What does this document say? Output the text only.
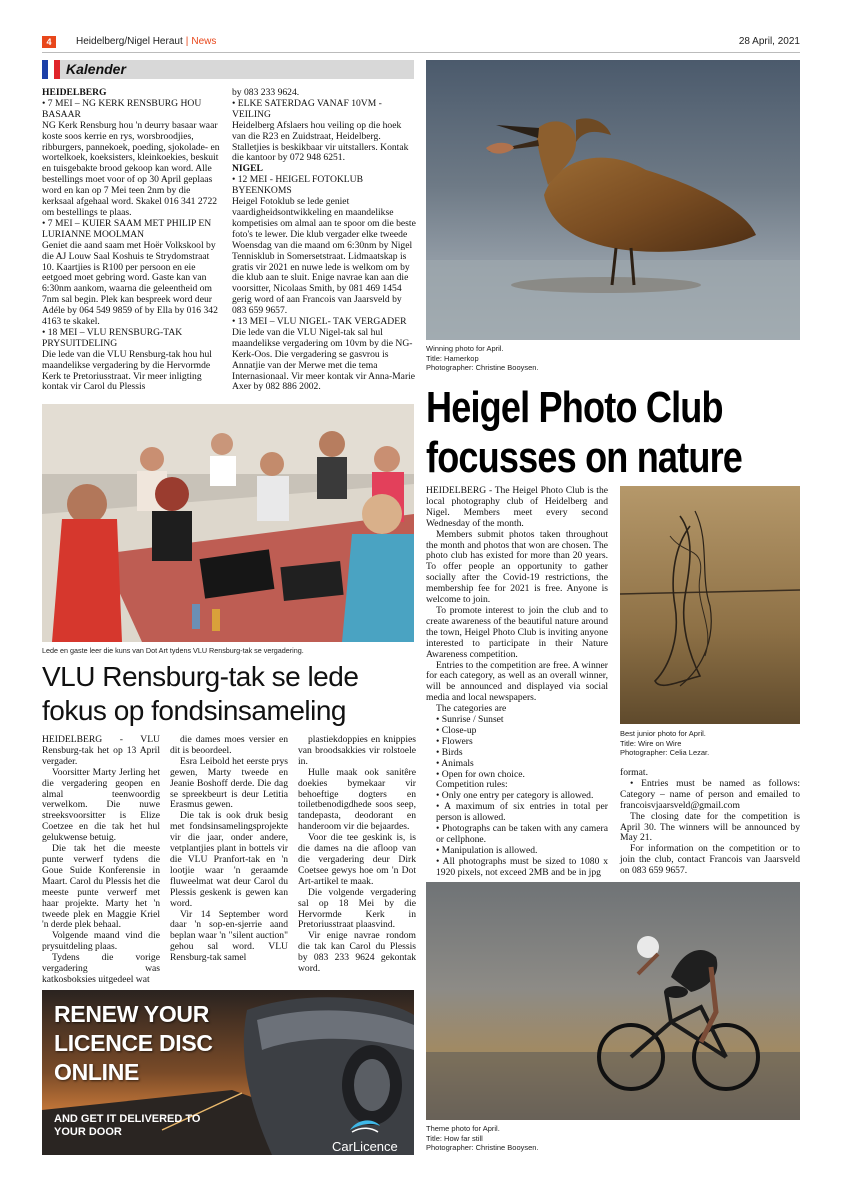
4	Heidelberg/Nigel Heraut | News	28 April, 2021
Kalender

HEIDELBERG

• 7 MEI – NG KERK RENSBURG HOU BASAAR

NG Kerk Rensburg hou 'n deurry basaar waar koste soos kerrie en rys, worsbroodjies, ribburgers, pannekoek, poeding, sjokolade- en wortelkoek, koeksisters, kleinkoekies, beskuit en tuisgebakte brood gekoop kan word. Alle bestellings moet voor of op 30 April geplaas word en kan op 7 Mei teen 2nm by die kerksaal afgehaal word. Skakel 016 341 2722 om bestellings te plaas.

• 7 MEI – KUIER SAAM MET PHILIP EN LURIANNE MOOLMAN

Geniet die aand saam met Hoër Volkskool by die AJ Louw Saal Koshuis te Strydomstraat 10. Kaartjies is R100 per persoon en eie eetgoed moet gebring word. Gaste kan van 6:30nm aankom, waarna die geleentheid om 7nm sal begin. Plek kan bespreek word deur Adéle by 064 549 9859 of by Ella by 016 342 4163 te skakel.

• 18 MEI – VLU RENSBURG-TAK PRYSUITDELING

Die lede van die VLU Rensburg-tak hou hul maandelikse vergadering by die Hervormde Kerk te Pretoriusstraat. Vir meer inligting kontak vir Carol du Plessis

by 083 233 9624.

• ELKE SATERDAG VANAF 10VM - VEILING

Heidelberg Afslaers hou veiling op die hoek van die R23 en Zuidstraat, Heidelberg. Stalletjies is beskikbaar vir uitstallers. Kontak die kantoor by 072 948 6251.

NIGEL

• 12 MEI - HEIGEL FOTOKLUB BYEENKOMS

Heigel Fotoklub se lede geniet vaardigheidsontwikkeling en maandelikse kompetisies om almal aan te spoor om die beste foto's te lewer. Die klub vergader elke tweede Woensdag van die maand om 6:30nm by Nigel Tennisklub in Somersetstraat. Lidmaatskap is gratis vir 2021 en nuwe lede is welkom om by die klub aan te sluit. Enige navrae kan aan die voorsitter, Nicolaas Smith, by 081 469 1454 gerig word of aan Francois van Jaarsveld by 083 659 9657.

• 13 MEI – VLU NIGEL- TAK VERGADER

Die lede van die VLU Nigel-tak sal hul maandelikse vergadering om 10vm by die NG-Kerk-Oos. Die vergadering se gasvrou is Annatjie van der Merwe met die tema Internasionaal. Vir meer kontak vir Anna-Marie Axer by 082 886 2002.

Winning photo for April.
Title: Hamerkop
Photographer: Christine Booysen.
Heigel Photo Club
focusses on nature
Lede en gaste leer die kuns van Dot Art tydens VLU Rensburg-tak se vergadering.
VLU Rensburg-tak se lede
fokus op fondsinsameling

HEIDELBERG - VLU Rensburg-tak het op 13 April vergader.

Voorsitter Marty Jerling het die vergadering geopen en almal teenwoordig verwelkom. Die nuwe streeksvoorsitter is Elize Coetzee en die tak het hul gelukwense betuig.

Die tak het die meeste punte verwerf tydens die Goue Suide Konferensie in Maart. Carol du Plessis het die meeste punte verwerf met haar projekte. Marty het 'n tweede plek en Maggie Kriel 'n derde plek behaal.

Volgende maand vind die prysuitdeling plaas.

Tydens die vorige vergadering was katkosboksies uitgedeel wat

die dames moes versier en dit is beoordeel.

Esra Leibold het eerste prys gewen, Marty tweede en Jeanie Boshoff derde. Die dag se spreekbeurt is deur Letitia Erasmus gewen.

Die tak is ook druk besig met fondsinsamelingsprojekte vir die jaar, onder andere, vetplantjies plant in bottels vir die VLU Pranfort-tak en 'n lootjie waar 'n geraamde fluweelmat wat deur Carol du Plessis geskenk is gewen kan word.

Vir 14 September word daar 'n sop-en-sjerrie aand beplan waar 'n "silent auction" gehou sal word. VLU Rensburg-tak samel

plastiekdoppies en knippies van broodsakkies vir rolstoele in.

Hulle maak ook sanitêre doekies bymekaar vir behoeftige dogters en toiletbenodigdhede soos seep, tandepasta, deodorant en handeroom vir die bejaardes.

Voor die tee geskink is, is die dames na die afloop van die vergadering deur Dirk Coetsee gewys hoe om 'n Dot Art-artikel te maak.

Die volgende vergadering sal op 18 Mei by die Hervormde Kerk in Pretoriusstraat plaasvind.

Vir enige navrae rondom die tak kan Carol du Plessis by 083 233 9624 gekontak word.

HEIDELBERG - The Heigel Photo Club is the local photography club of Heidelberg and Nigel. Members meet every second Wednesday of the month.

Members submit photos taken throughout the month and photos that won are chosen. The photo club has existed for more than 20 years. To offer people an opportunity to gather socially after the Covid-19 restrictions, the membership fee for 2021 is free. Anyone is welcome to join.

To promote interest to join the club and to create awareness of the beautiful nature around the town, Heigel Photo Club is inviting anyone interested to participate in their Nature Awareness competition.

Entries to the competition are free. A winner for each category, as well as an overall winner, will be announced and displayed via social media and local newspapers.

The categories are

• Sunrise / Sunset
• Close-up
• Flowers
• Birds
• Animals
• Open for own choice.

Competition rules:

• Only one entry per category is allowed.
• A maximum of six entries in total per person is allowed.
• Photographs can be taken with any camera or cellphone.
• Manipulation is allowed.
• All photographs must be sized to 1080 x 1920 pixels, not exceed 2MB and be in jpg
Best junior photo for April.
Title: Wire on Wire
Photographer: Celia Lezar.

format.

• Entries must be named as follows: Category – name of person and emailed to francoisvjaarsveld@gmail.com

The closing date for the competition is April 30. The winners will be announced by May 21.

For information on the competition or to join the club, contact Francois van Jaarsveld on 083 659 9657.

Theme photo for April.
Title: How far still
Photographer: Christine Booysen.
RENEW YOUR
LICENCE DISC
ONLINE
AND GET IT DELIVERED TO
YOUR DOOR
CarLicence
